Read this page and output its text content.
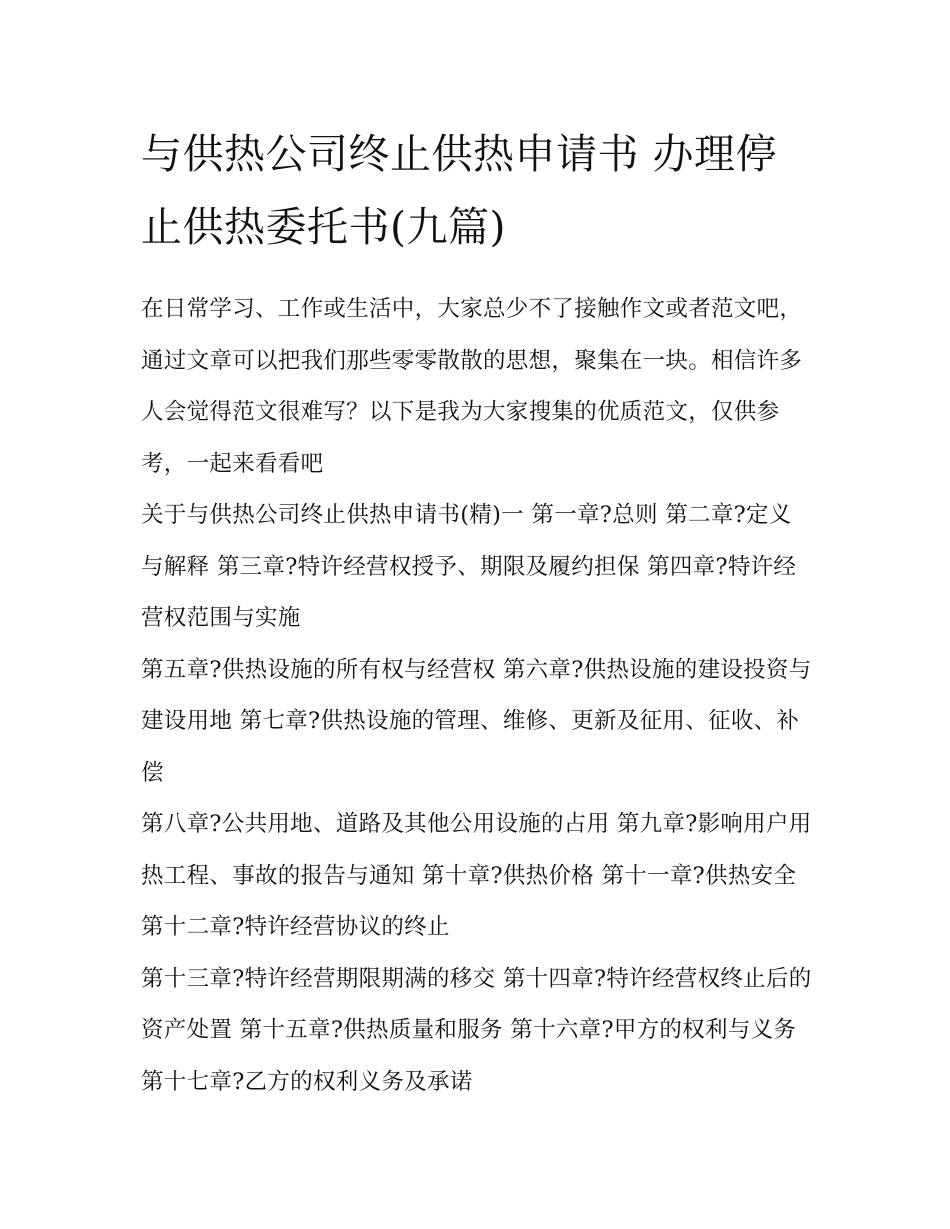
与供热公司终止供热申请书 办理停止供热委托书(九篇)

在日常学习、工作或生活中，大家总少不了接触作文或者范文吧，通过文章可以把我们那些零零散散的思想，聚集在一块。相信许多人会觉得范文很难写？以下是我为大家搜集的优质范文，仅供参考，一起来看看吧

关于与供热公司终止供热申请书(精)一 第一章?总则 第二章?定义与解释 第三章?特许经营权授予、期限及履约担保 第四章?特许经营权范围与实施

第五章?供热设施的所有权与经营权 第六章?供热设施的建设投资与建设用地 第七章?供热设施的管理、维修、更新及征用、征收、补偿

第八章?公共用地、道路及其他公用设施的占用 第九章?影响用户用热工程、事故的报告与通知 第十章?供热价格 第十一章?供热安全 第十二章?特许经营协议的终止

第十三章?特许经营期限期满的移交 第十四章?特许经营权终止后的资产处置 第十五章?供热质量和服务 第十六章?甲方的权利与义务 第十七章?乙方的权利义务及承诺
